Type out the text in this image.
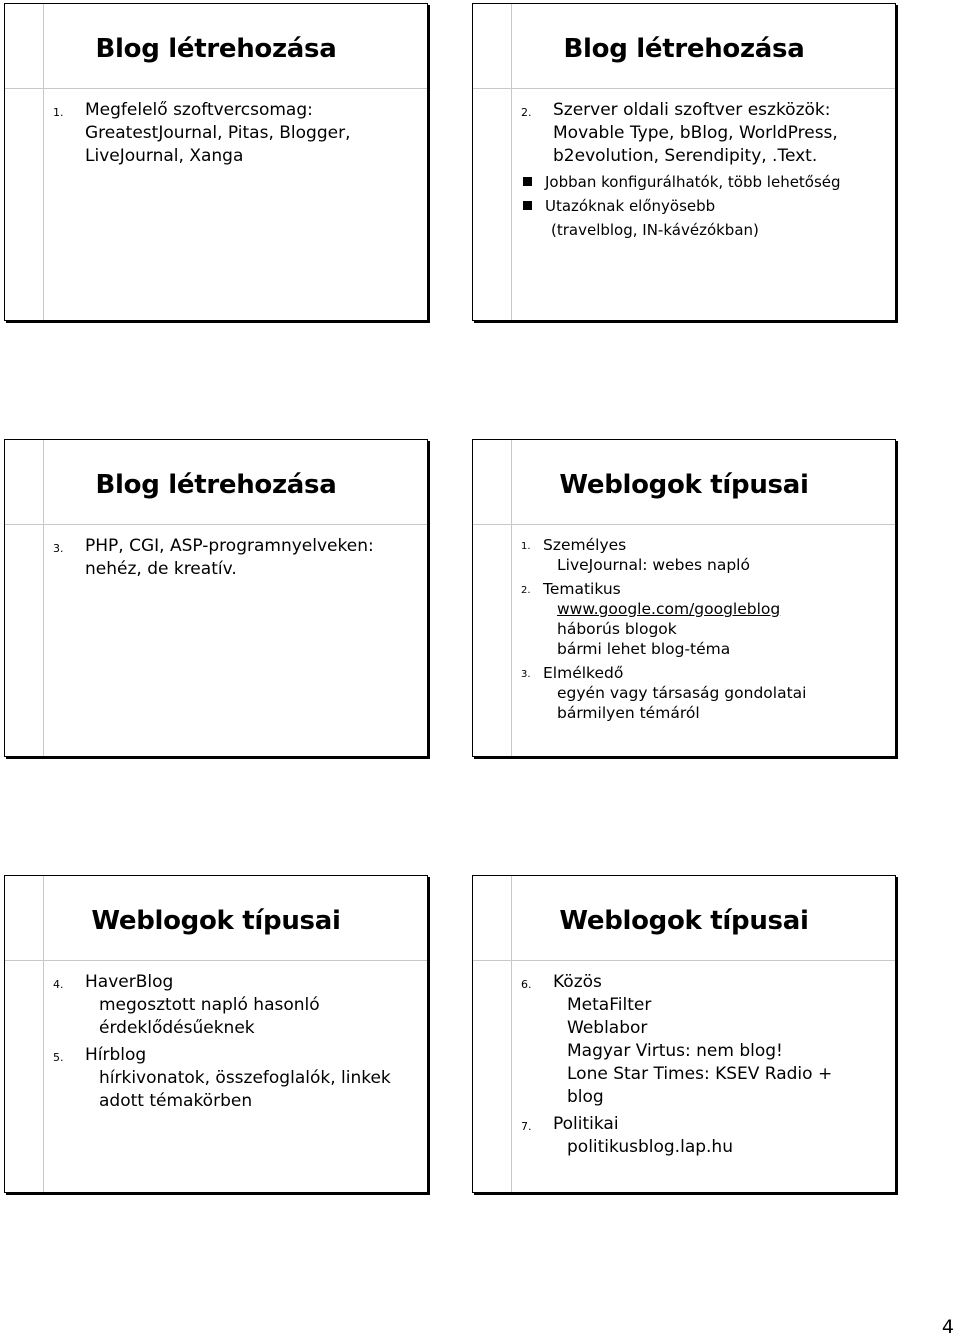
Blog létrehozása
1. Megfelelő szoftvercsomag:
GreatestJournal, Pitas, Blogger,
LiveJournal, Xanga
Blog létrehozása
2. Szerver oldali szoftver eszközök:
Movable Type, bBlog, WorldPress,
b2evolution, Serendipity, .Text.
Jobban konfigurálhatók, több lehetőség
Utazóknak előnyösebb
(travelblog, IN-kávézókban)
Blog létrehozása
3. PHP, CGI, ASP-programnyelveken:
nehéz, de kreatív.
Weblogok típusai
1. Személyes
LiveJournal: webes napló
2. Tematikus
www.google.com/googleblog
háborús blogok
bármi lehet blog-téma
3. Elmélkedő
egyén vagy társaság gondolatai
bármilyen témáról
Weblogok típusai
4. HaverBlog
megosztott napló hasonló
érdeklődésűeknek
5. Hírblog
hírkivonatok, összefoglalók, linkek
adott témakörben
Weblogok típusai
6. Közös
MetaFilter
Weblabor
Magyar Virtus: nem blog!
Lone Star Times: KSEV Radio +
blog
7. Politikai
politikusblog.lap.hu
4
